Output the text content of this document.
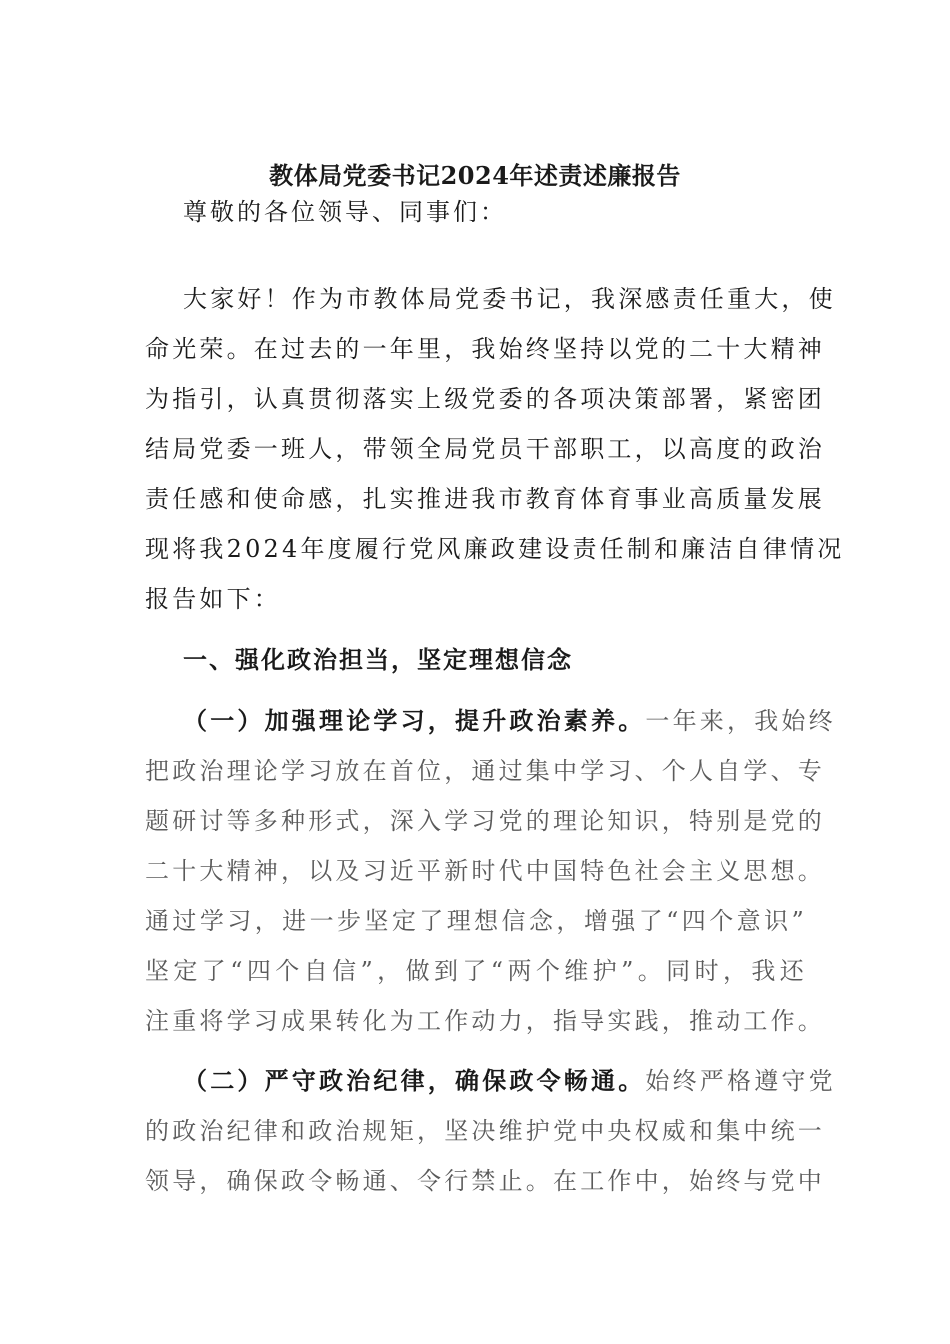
教体局党委书记2024年述责述廉报告
尊敬的各位领导、同事们：
大家好！作为市教体局党委书记，我深感责任重大，使
命光荣。在过去的一年里，我始终坚持以党的二十大精神
为指引，认真贯彻落实上级党委的各项决策部署，紧密团
结局党委一班人，带领全局党员干部职工，以高度的政治
责任感和使命感，扎实推进我市教育体育事业高质量发展
现将我2024年度履行党风廉政建设责任制和廉洁自律情况
报告如下：
一、强化政治担当，坚定理想信念
（一）加强理论学习，提升政治素养。一年来，我始终
把政治理论学习放在首位，通过集中学习、个人自学、专
题研讨等多种形式，深入学习党的理论知识，特别是党的
二十大精神，以及习近平新时代中国特色社会主义思想。
通过学习，进一步坚定了理想信念，增强了“四个意识”
坚定了“四个自信”，做到了“两个维护”。同时，我还
注重将学习成果转化为工作动力，指导实践，推动工作。
（二）严守政治纪律，确保政令畅通。始终严格遵守党
的政治纪律和政治规矩，坚决维护党中央权威和集中统一
领导，确保政令畅通、令行禁止。在工作中，始终与党中
